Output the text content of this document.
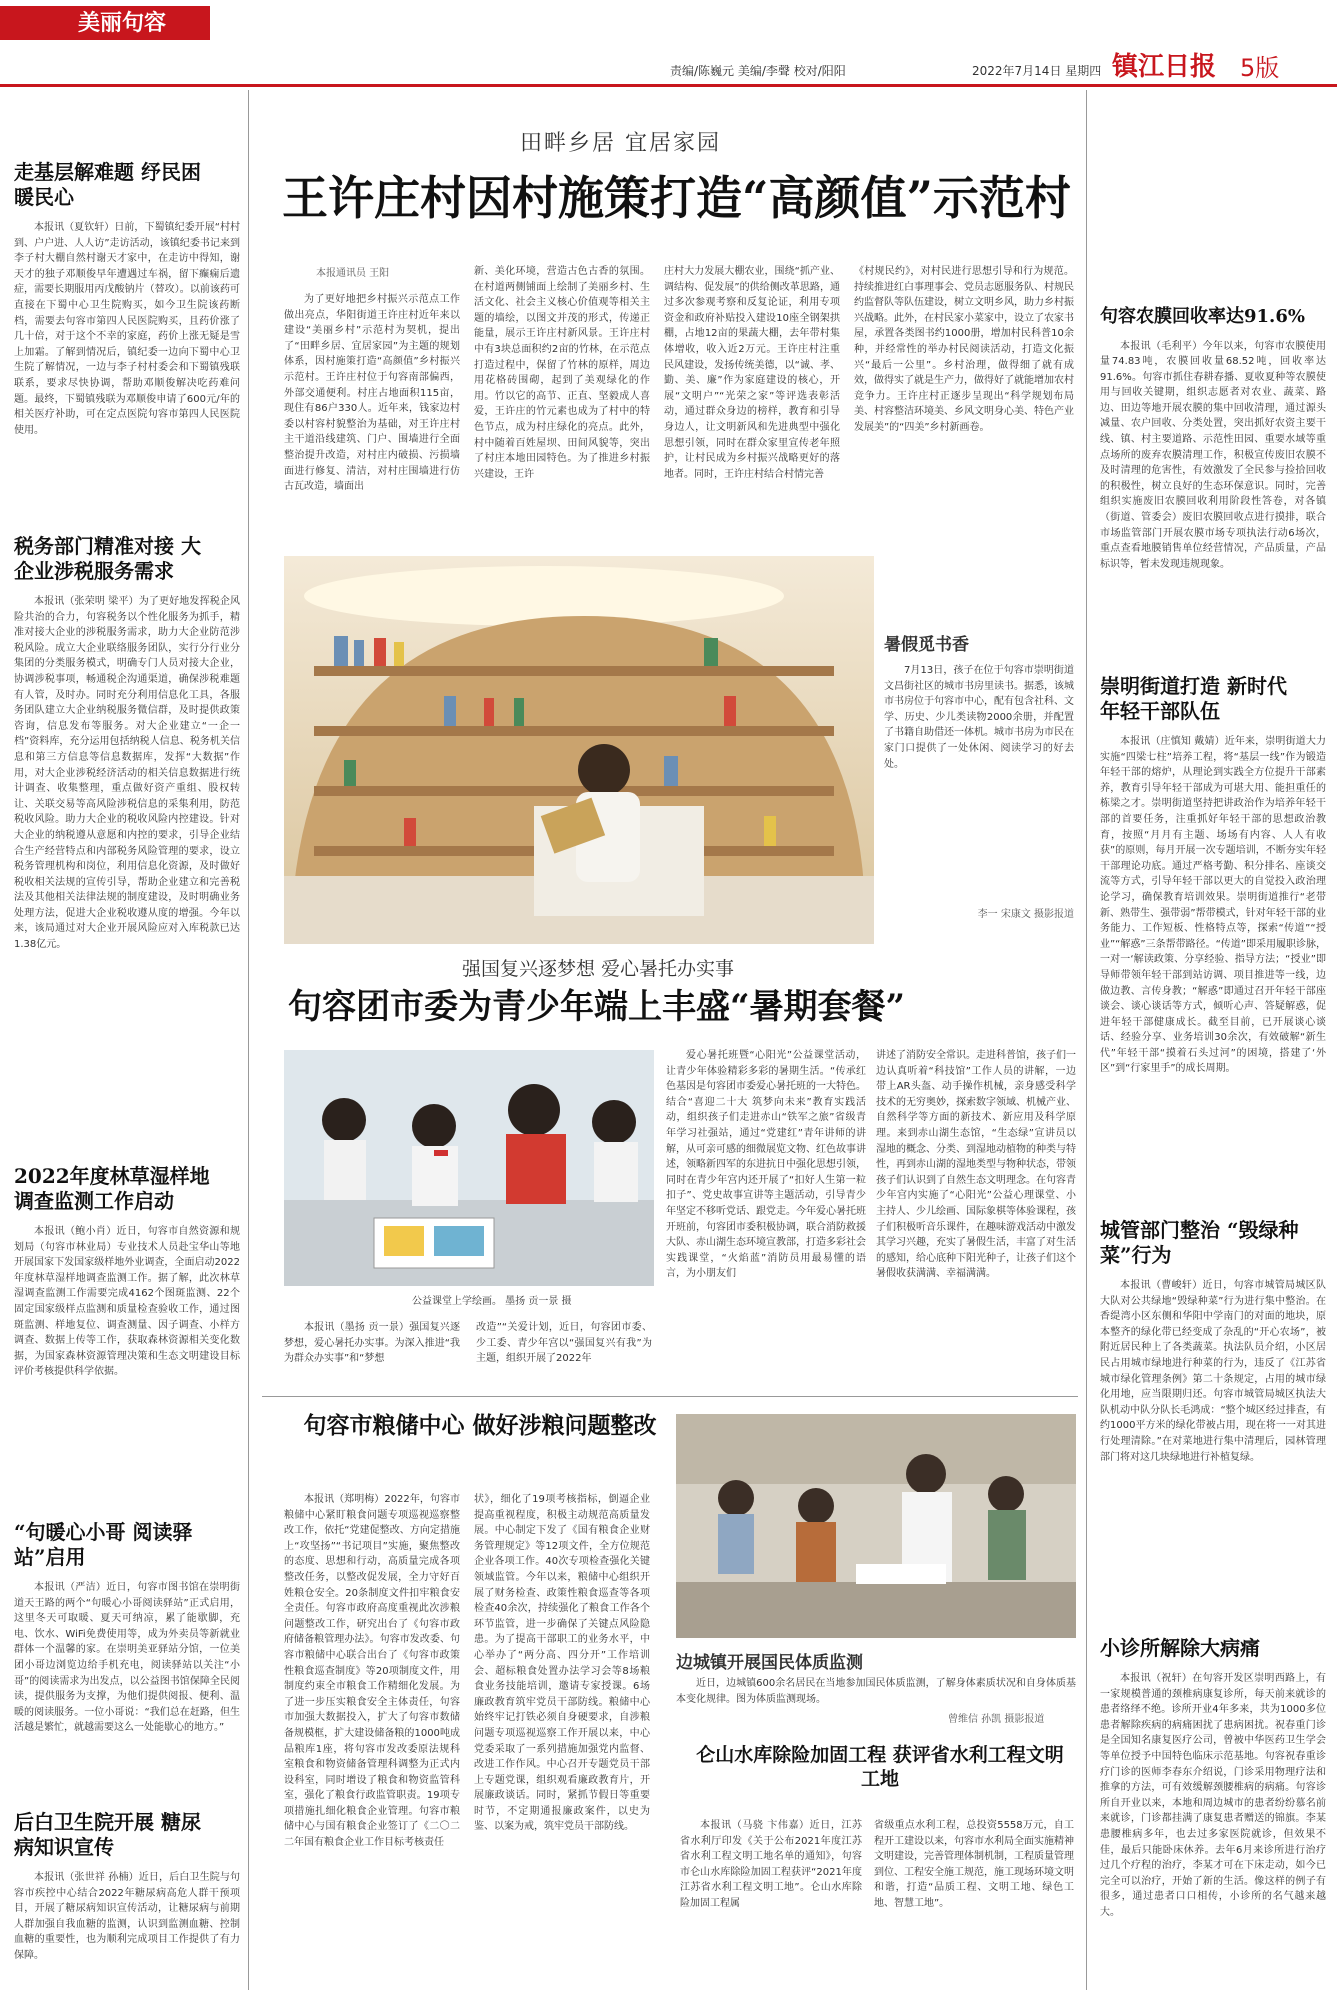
美丽句容
责编/陈巍元 美编/李聲 校对/阳阳	2022年7月14日 星期四 镇江日报 5版
走基层解难题 纾民困暖民心
本报讯（夏钦轩）日前，下蜀镇纪委开展“村村到、户户进、人人访”走访活动，该镇纪委书记来到李子村大棚自然村谢天才家中，在走访中得知，谢天才的独子邓顺俊早年遭遇过车祸，留下癫痫后遗症，需要长期服用丙戊酸钠片（替攻）。以前该药可直接在下蜀中心卫生院购买，如今卫生院该药断档，需要去句容市第四人民医院购买，且药价涨了几十倍，对于这个不幸的家庭，药价上涨无疑是雪上加霜。了解到情况后，镇纪委一边向下蜀中心卫生院了解情况，一边与李子村村委会和下蜀镇残联联系，要求尽快协调，帮助邓顺俊解决吃药难问题。最终，下蜀镇残联为邓顺俊申请了600元/年的相关医疗补助，可在定点医院句容市第四人民医院使用。
税务部门精准对接 大企业涉税服务需求
本报讯（张荣明 梁平）为了更好地发挥税企风险共治的合力，句容税务以个性化服务为抓手，精准对接大企业的涉税服务需求，助力大企业防范涉税风险。成立大企业联络服务团队，实行分行业分集团的分类服务模式，明确专门人员对接大企业，协调涉税事项，畅通税企沟通渠道，确保涉税难题有人管，及时办。同时充分利用信息化工具，各服务团队建立大企业纳税服务微信群，及时提供政策咨询，信息发布等服务。对大企业建立“一企一档”资料库，充分运用包括纳税人信息、税务机关信息和第三方信息等信息数据库，发挥“大数据”作用，对大企业涉税经济活动的相关信息数据进行统计调查、收集整理，重点做好资产重组、股权转让、关联交易等高风险涉税信息的采集利用，防范税收风险。助力大企业的税收风险内控建设。针对大企业的纳税遵从意愿和内控的要求，引导企业结合生产经营特点和内部税务风险管理的要求，设立税务管理机构和岗位，利用信息化资源，及时做好税收相关法规的宣传引导，帮助企业建立和完善税法及其他相关法律法规的制度建设，及时明确业务处理方法，促进大企业税收遵从度的增强。今年以来，该局通过对大企业开展风险应对入库税款已达1.38亿元。
2022年度林草湿样地 调查监测工作启动
本报讯（鲍小肖）近日，句容市自然资源和规划局（句容市林业局）专业技术人员赴宝华山等地开展国家下发国家级样地外业调查，全面启动2022年度林草湿样地调查监测工作。据了解，此次林草湿调查监测工作需要完成4162个图斑监测、22个固定国家级样点监测和质量检查验收工作，通过图斑监测、样地复位、调查测量、因子调查、小样方调查、数据上传等工作，获取森林资源相关变化数据，为国家森林资源管理决策和生态文明建设目标评价考核提供科学依据。
“句暖心小哥 阅读驿站”启用
本报讯（严洁）近日，句容市图书馆在崇明街道天王路的两个“句暖心小哥阅读驿站”正式启用，这里冬天可取暖、夏天可纳凉，累了能歇脚，充电、饮水、WiFi免费使用等，成为外卖员等新就业群体一个温馨的家。在崇明美亚驿站分馆，一位美团小哥边浏览边给手机充电，阅读驿站以关注“小哥”的阅读需求为出发点，以公益图书馆保障全民阅读，提供服务为支撑，为他们提供阅报、便利、温暖的阅读服务。一位小哥说：“我们总在赶路，但生活越是繁忙，就越需要这么一处能歇心的地方。”
后白卫生院开展 糖尿病知识宣传
本报讯（张世祥 孙楠）近日，后白卫生院与句容市疾控中心结合2022年糖尿病高危人群干预项目，开展了糖尿病知识宣传活动，让糖尿病与前期人群加强自我血糖的监测，认识到监测血糖、控制血糖的重要性，也为顺利完成项目工作提供了有力保障。
句容农膜回收率达91.6%
本报讯（毛利平）今年以来，句容市农膜使用量74.83吨，农膜回收量68.52吨，回收率达91.6%。句容市抓住春耕春播、夏收夏种等农膜使用与回收关键期，组织志愿者对农业、蔬菜、路边、田边等地开展农膜的集中回收清理，通过源头减量、农户回收、分类处置，突出抓好农资主要干线、镇、村主要道路、示范性田园、重要水域等重点场所的废弃农膜清理工作，积极宣传废旧农膜不及时清理的危害性，有效激发了全民参与捡拾回收的积极性，树立良好的生态环保意识。同时，完善组织实施废旧农膜回收利用阶段性答卷，对各镇（街道、管委会）废旧农膜回收点进行摸排，联合市场监管部门开展农膜市场专项执法行动6场次，重点查看地膜销售单位经营情况，产品质量，产品标识等，暂未发现违规现象。
崇明街道打造 新时代年轻干部队伍
本报讯（庄慎知 戴婧）近年来，崇明街道大力实施“四梁七柱”培养工程，将“基层一线”作为锻造年轻干部的熔炉，从理论到实践全方位提升干部素养，教育引导年轻干部成为可堪大用、能担重任的栋梁之才。崇明街道坚持把讲政治作为培养年轻干部的首要任务，注重抓好年轻干部的思想政治教育，按照“月月有主题、场场有内容、人人有收获”的原则，每月开展一次专题培训，不断夯实年轻干部理论功底。通过严格考勤、积分排名、座谈交流等方式，引导年轻干部以更大的自觉投入政治理论学习，确保教育培训效果。崇明街道推行“老带新、熟带生、强带弱”帮带模式，针对年轻干部的业务能力、工作短板、性格特点等，探索“传道”“授业”“解惑”三条帮带路径。“传道”即采用履职诊脉，一对一‘解读政策、分享经验、指导方法；“授业”即导师带领年轻干部到站访调、项目推进等一线，边做边教、言传身教；“解惑”即通过召开年轻干部座谈会、谈心谈话等方式，倾听心声、答疑解惑，促进年轻干部健康成长。截至目前，已开展谈心谈话、经验分享、业务培训30余次，有效破解“新生代”年轻干部“摸着石头过河”的困境，搭建了‘外区”到“行家里手”的成长周期。
城管部门整治 “毁绿种菜”行为
本报讯（曹峻轩）近日，句容市城管局城区队大队对公共绿地“毁绿种菜”行为进行集中整治。在香缇湾小区东侧和华阳中学南门的对面的地块，原本整齐的绿化带已经变成了杂乱的“开心农场”，被附近居民种上了各类蔬菜。执法队员介绍，小区居民占用城市绿地进行种菜的行为，违反了《江苏省城市绿化管理条例》第二十条规定，占用的城市绿化用地，应当限期归还。句容市城管局城区执法大队机动中队分队长毛鸿成：“整个城区经过排查，有约1000平方米的绿化带被占用，现在将一一对其进行处理清除。”在对菜地进行集中清理后，园林管理部门将对这几块绿地进行补植复绿。
小诊所解除大病痛
本报讯（祝轩）在句容开发区崇明西路上，有一家规模普通的颈椎病康复诊所，每天前来就诊的患者络绎不绝。诊所开业4年多来，共为1000多位患者解除疾病的病痛困扰了患病困扰。祝春重门诊是全国知名康复医疗公司，曾被中华医药卫生学会等单位授予中国特色临床示范基地。句容祝春重诊疗门诊的医师李春东介绍说，门诊采用物理疗法和推拿的方法，可有效缓解颈腰椎病的病痛。句容诊所自开业以来，本地和周边城市的患者纷纷慕名前来就诊，门诊都挂满了康复患者赠送的锦旗。李某患腰椎病多年，也去过多家医院就诊，但效果不佳，最后只能卧床休养。去年6月来诊所进行治疗过几个疗程的治疗，李某才可在下床走动，如今已完全可以治疗，开始了新的生活。像这样的例子有很多，通过患者口口相传，小诊所的名气越来越大。
田畔乡居 宜居家园
王许庄村因村施策打造“高颜值”示范村
本报通讯员 王阳
为了更好地把乡村振兴示范点工作做出亮点，华阳街道王许庄村近年来以建设“美丽乡村”示范村为契机，提出了“田畔乡居、宜居家园”为主题的规划体系，因村施策打造“高颜值”乡村振兴示范村。王许庄村位于句容南部偏西，外部交通便利。村庄占地面积115亩，现住有86户330人。近年来，钱家边村委以村容村貌整治为基础，对王许庄村主干道沿线建筑、门户、围墙进行全面整治提升改造，对村庄内破损、污损墙面进行修复、清洁，对村庄围墙进行仿古瓦改造，墙面出
新、美化环境，营造古色古香的氛围。在村道两侧铺面上绘制了美丽乡村、生活文化、社会主义核心价值观等相关主题的墙绘，以图文并茂的形式，传递正能量，展示王许庄村新风景。王许庄村中有3块总面积约2亩的竹林，在示范点打造过程中，保留了竹林的原样，周边用花格砖围砌，起到了美观绿化的作用。竹以它的高节、正直、坚毅成人喜爱，王许庄的竹元素也成为了村中的特色节点，成为村庄绿化的亮点。此外，村中随着百姓屋坝、田间风貌等，突出了村庄本地田园特色。为了推进乡村振兴建设，王许
庄村大力发展大棚农业，围绕“抓产业、调结构、促发展”的供给侧改革思路，通过多次参观考察和反复论证，利用专项资金和政府补贴投入建设10座全钢架拱棚，占地12亩的果蔬大棚，去年带村集体增收，收入近2万元。王许庄村注重民风建设，发扬传统美德，以“诚、孝、勤、美、廉”作为家庭建设的核心，开展“文明户”“光荣之家”等评选表彰活动，通过群众身边的榜样，教育和引导身边人，让文明新风和先进典型中强化思想引领，同时在群众家里宣传老年照护，让村民成为乡村振兴战略更好的落地者。同时，王许庄村结合村情完善
《村规民约》，对村民进行思想引导和行为规范。持续推进红白事理事会、党员志愿服务队、村规民约监督队等队伍建设，树立文明乡风，助力乡村振兴战略。此外，在村民家小菜家中，设立了农家书屋，承置各类图书约1000册，增加村民科普10余种，并经常性的举办村民阅读活动，打造文化振兴“最后一公里”。乡村治理，做得细了就有成效，做得实了就是生产力，做得好了就能增加农村竞争力。王许庄村正逐步呈现出“科学规划布局美、村容整洁环境美、乡风文明身心美、特色产业发展美”的“四美”乡村新画卷。
暑假觅书香
7月13日，孩子在位于句容市崇明街道文昌街社区的城市书房里读书。据悉，该城市书房位于句容市中心，配有包含社科、文学、历史、少儿类读物2000余册，并配置了书籍自助借还一体机。城市书房为市民在家门口提供了一处休闲、阅读学习的好去处。
李一 宋康文 摄影报道
强国复兴逐梦想 爱心暑托办实事
句容团市委为青少年端上丰盛“暑期套餐”
公益课堂上学绘画。 墨扬 贡一景 摄
本报讯（墨扬 贡一景）强国复兴逐梦想，爱心暑托办实事。为深入推进“我为群众办实事”和“梦想
改造”“关爱计划，近日，句容团市委、少工委、青少年宫以“强国复兴有我”为主题，组织开展了2022年
爱心暑托班暨“心阳光”公益课堂活动，让青少年体验精彩多彩的暑期生活。“传承红色基因是句容团市委爱心暑托班的一大特色。结合“喜迎二十大 筑梦向未来”教育实践活动，组织孩子们走进赤山“铁军之旅”省级青年学习社强站，通过“党建红”青年讲师的讲解，从可亲可感的细微展览文物、红色故事讲述，领略新四军的东进抗日中强化思想引领，同时在青少年宫内还开展了“扣好人生第一粒扣子”、党史故事宣讲等主题活动，引导青少年坚定不移听党话、跟党走。今年爱心暑托班开班前，句容团市委积极协调，联合消防救援大队、赤山湖生态环境宣教部，打造多彩社会实践课堂，“火焰蓝”消防员用最易懂的语言，为小朋友们
讲述了消防安全常识。走进科普馆，孩子们一边认真听着“科技馆”工作人员的讲解，一边带上AR头盔、动手操作机械，亲身感受科学技术的无穷奥妙，探索数字领域、机械产业、自然科学等方面的新技术、新应用及科学原理。来到赤山湖生态馆，“生态绿”宣讲员以湿地的概念、分类、到湿地动植物的种类与特性，再到赤山湖的湿地类型与物种状态，带领孩子们认识到了自然生态文明理念。在句容青少年宫内实施了“心阳光”公益心理课堂、小主持人、少儿绘画、国际象棋等体验课程，孩子们积极听音乐课件，在趣味游戏活动中激发其学习兴趣，充实了暑假生活，丰富了对生活的感知，给心底种下阳光种子，让孩子们这个暑假收获满满、幸福满满。
句容市粮储中心 做好涉粮问题整改
本报讯（郑明梅）2022年，句容市粮储中心紧盯粮食问题专项巡视巡察整改工作，依托“党建促整改、方向定措施上“攻坚扬”“书记项目”实施，聚焦整改的态度、思想和行动，高质量完成各项整改任务，以整改促发展，全力守好百姓粮仓安全。20条制度文件扣牢粮食安全责任。句容市政府高度重视此次涉粮问题整改工作，研究出台了《句容市政府储备粮管理办法》。句容市发改委、句容市粮储中心联合出台了《句容市政策性粮食巡查制度》等20项制度文件，用制度约束全市粮食工作精细化发展。为了进一步压实粮食安全主体责任，句容市加强大数据投入，扩大了句容市数储备规模框，扩大建设储备粮的1000吨成品粮库1座，将句容市发改委原法规科室粮食和物资储备管理科调整为正式内设科室，同时增设了粮食和物资监管科室，强化了粮食行政监管职责。19项专项措施扎细化粮食企业管理。句容市粮储中心与国有粮食企业签订了《二〇二二年国有粮食企业工作目标考核责任
状》，细化了19项考核指标，倒逼企业提高重视程度，积极主动规范高质量发展。中心制定下发了《国有粮食企业财务管理规定》等12项文件，全方位规范企业各项工作。40次专项检查强化关键领域监管。今年以来，粮储中心组织开展了财务检查、政策性粮食巡查等各项检查40余次，持续强化了粮食工作各个环节监管，进一步确保了关键点风险隐患。为了提高干部职工的业务水平，中心举办了“两分高、四分开”工作培训会、超标粮食处置办法学习会等8场粮食业务技能培训，邀请专家授课。6场廉政教育筑牢党员干部防线。粮储中心始终牢记打铁必须自身硬要求，自涉粮问题专项巡视巡察工作开展以来，中心党委采取了一系列措施加强党内监督、改进工作作风。中心召开专题党员干部上专题党课，组织观看廉政教育片，开展廉政谈话。同时，紧抓节假日等重要时节，不定期通报廉政案件，以史为鉴、以案为戒，筑牢党员干部防线。
边城镇开展国民体质监测
近日，边城镇600余名居民在当地参加国民体质监测，了解身体素质状况和自身体质基本变化规律。图为体质监测现场。
曾维信 孙凯 摄影报道
仑山水库除险加固工程 获评省水利工程文明工地
本报讯（马骁 卞伟嘉）近日，江苏省水利厅印发《关于公布2021年度江苏省水利工程文明工地名单的通知》，句容市仑山水库除险加固工程获评“2021年度江苏省水利工程文明工地”。仑山水库除险加固工程属
省级重点水利工程，总投资5558万元，自工程开工建设以来，句容市水利局全面实施精神文明建设，完善管理体制机制，工程质量管理到位、工程安全施工规范，施工现场环境文明和谐，打造“品质工程、文明工地、绿色工地、智慧工地”。
